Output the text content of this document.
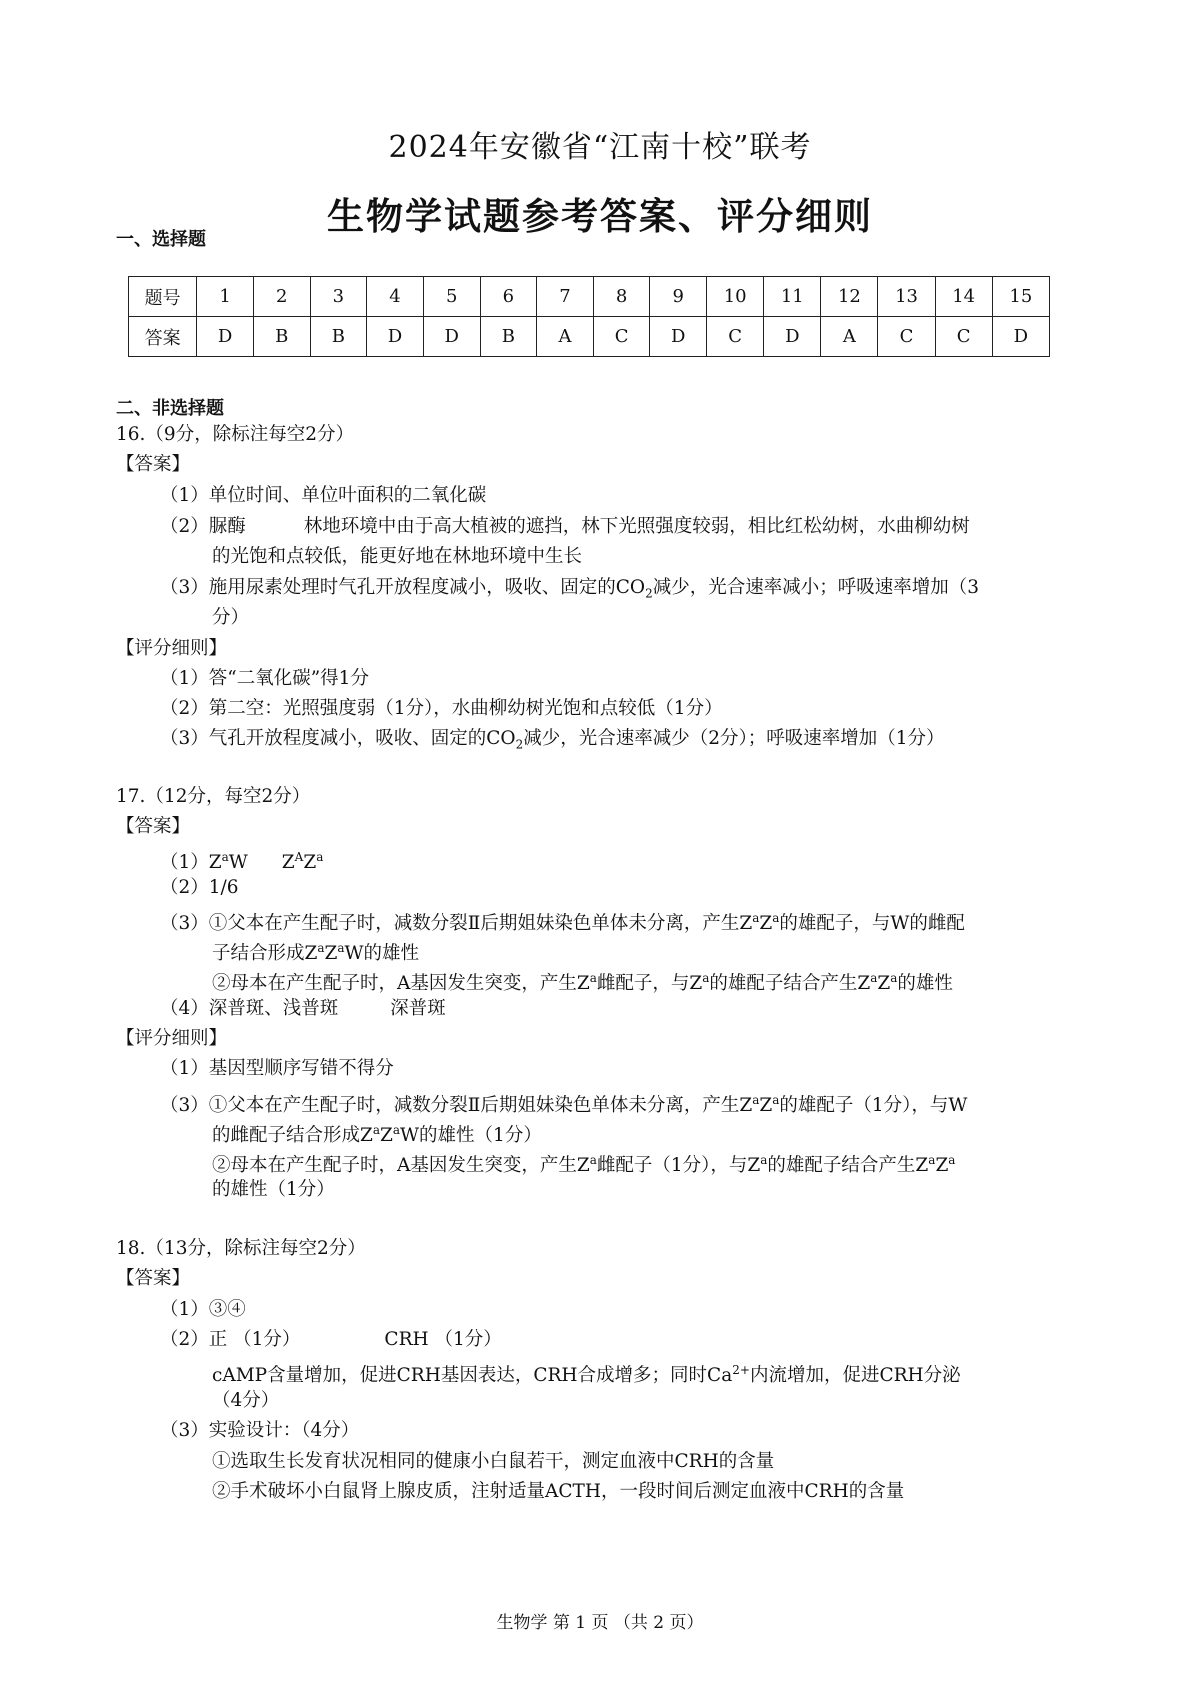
2024年安徽省“江南十校”联考
生物学试题参考答案、评分细则
一、选择题
题号	1	2	3	4	5	6	7	8	9	10	11	12	13	14	15
答案	D	B	B	D	D	B	A	C	D	C	D	A	C	C	D
二、非选择题
16.（9分，除标注每空2分）
【答案】
（1）单位时间、单位叶面积的二氧化碳
（2）脲酶	林地环境中由于高大植被的遮挡，林下光照强度较弱，相比红松幼树，水曲柳幼树
的光饱和点较低，能更好地在林地环境中生长
（3）施用尿素处理时气孔开放程度减小，吸收、固定的$CO_2$减少，光合速率减小；呼吸速率增加（3
分）
【评分细则】
（1）答“二氧化碳”得1分
（2）第二空：光照强度弱（1分），水曲柳幼树光饱和点较低（1分）
（3）气孔开放程度减小，吸收、固定的$CO_2$减少，光合速率减少（2分）；呼吸速率增加（1分）
17.（12分，每空2分）
【答案】
$(1)Z^aW$ $Z^AZ^a$
（2）1/6
（3）①父本在产生配子时，减数分裂Ⅱ后期姐妹染色单体未分离，产生$Z^aZ^a$的雄配子，与W的雌配
子结合形成$Z^aZ^aW$的雄性
②母本在产生配子时，A基因发生突变，产生$Z^a$雌配子，与$Z^a$的雄配子结合产生$Z^aZ^a$的雄性
（4）深普斑、浅普斑	深普斑
【评分细则】
（1）基因型顺序写错不得分
（3）①父本在产生配子时，减数分裂Ⅱ后期姐妹染色单体未分离，产生$Z^aZ^a$的雄配子（1分），与W
的雌配子结合形成$Z^aZ^aW$的雄性（1分）
②母本在产生配子时，A基因发生突变，产生$Z^a$雌配子（1分），与$Z^a$的雄配子结合产生$Z^aZ^a$
的雄性（1分）
18.（13分，除标注每空2分）
【答案】
（1）③④
（2）正 （1分）	CRH （1分）
cAMP含量增加，促进CRH基因表达，CRH合成增多；同时$Ca^{2+}$内流增加，促进CRH分泌
（4分）
（3）实验设计：（4分）
①选取生长发育状况相同的健康小白鼠若干，测定血液中CRH的含量
②手术破坏小白鼠肾上腺皮质，注射适量ACTH，一段时间后测定血液中CRH的含量
生物学 第 1 页 （共 2 页）
